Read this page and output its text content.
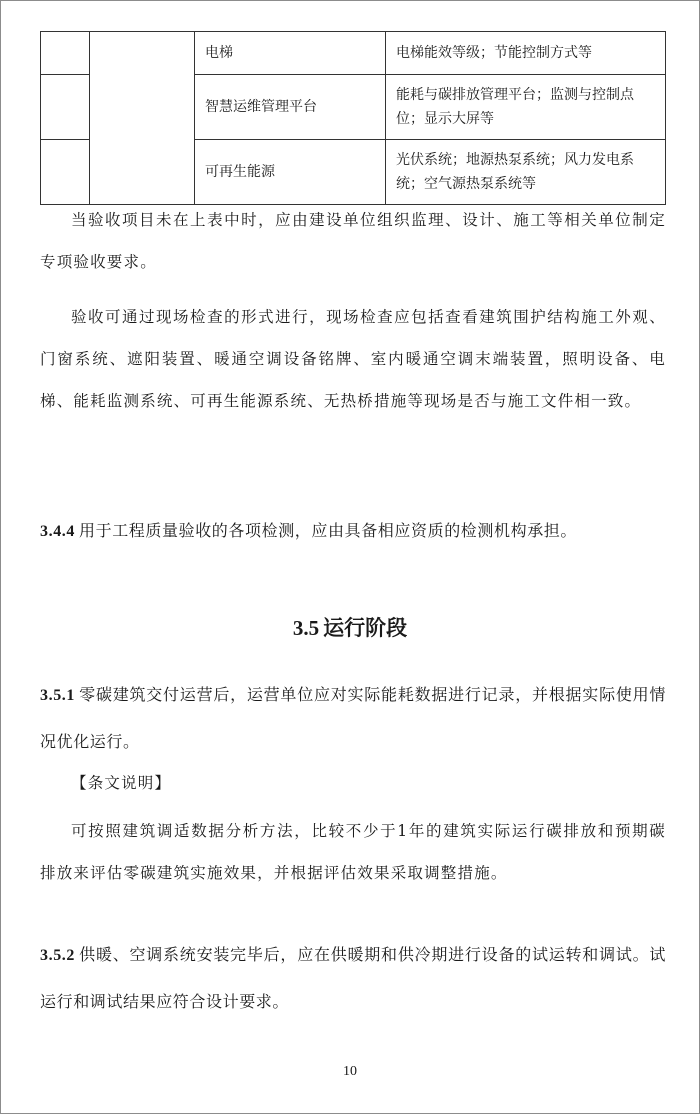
		电梯	电梯能效等级；节能控制方式等
		智慧运维管理平台	能耗与碳排放管理平台；监测与控制点位；显示大屏等
		可再生能源	光伏系统；地源热泵系统；风力发电系统；空气源热泵系统等

当验收项目未在上表中时，应由建设单位组织监理、设计、施工等相关单位制定专项验收要求。

验收可通过现场检查的形式进行，现场检查应包括查看建筑围护结构施工外观、门窗系统、遮阳装置、暖通空调设备铭牌、室内暖通空调末端装置，照明设备、电梯、能耗监测系统、可再生能源系统、无热桥措施等现场是否与施工文件相一致。

3.4.4 用于工程质量验收的各项检测，应由具备相应资质的检测机构承担。

3.5 运行阶段

3.5.1 零碳建筑交付运营后，运营单位应对实际能耗数据进行记录，并根据实际使用情况优化运行。

【条文说明】

可按照建筑调适数据分析方法，比较不少于1年的建筑实际运行碳排放和预期碳排放来评估零碳建筑实施效果，并根据评估效果采取调整措施。

3.5.2 供暖、空调系统安装完毕后，应在供暖期和供冷期进行设备的试运转和调试。试运行和调试结果应符合设计要求。

10
